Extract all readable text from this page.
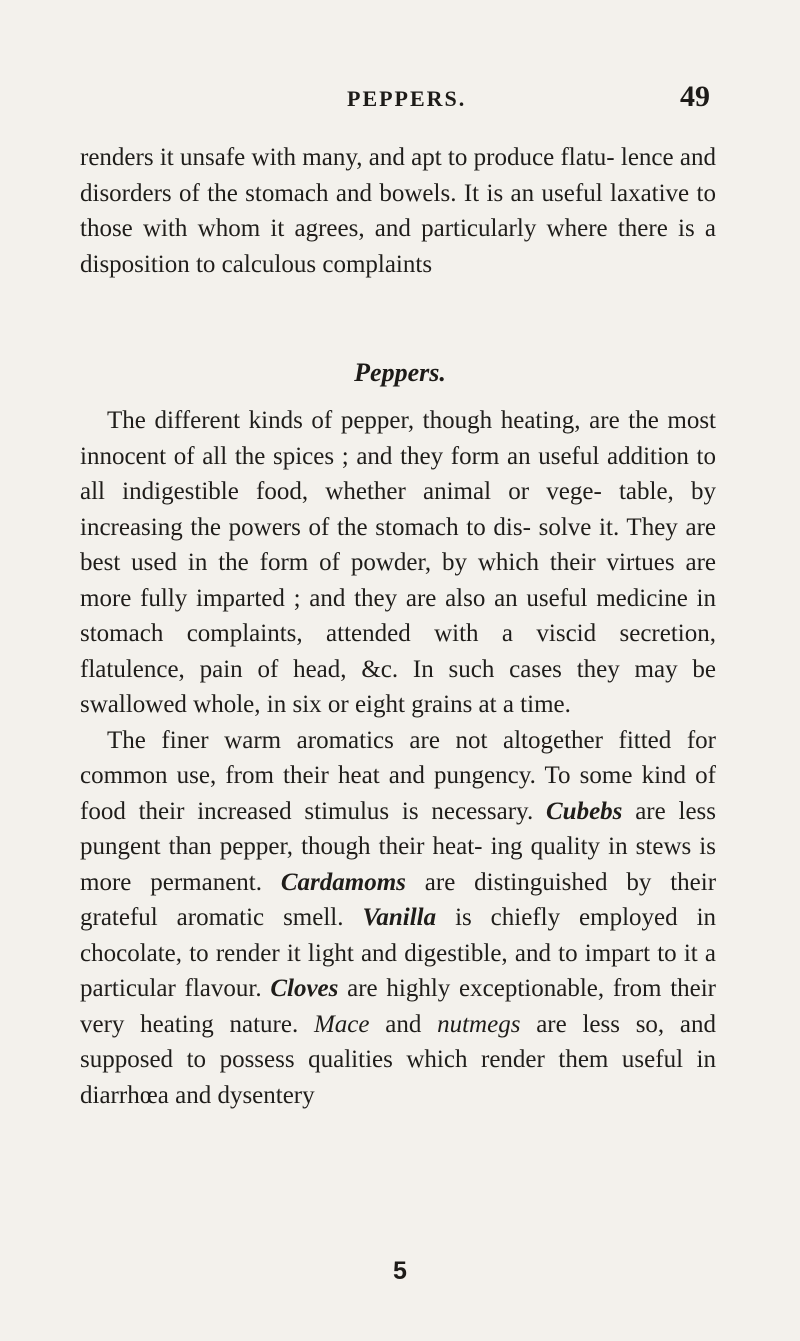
PEPPERS.	49

renders it unsafe with many, and apt to produce flatu- lence and disorders of the stomach and bowels. It is an useful laxative to those with whom it agrees, and particularly where there is a disposition to calculous complaints

Peppers.

The different kinds of pepper, though heating, are the most innocent of all the spices ; and they form an useful addition to all indigestible food, whether animal or vege- table, by increasing the powers of the stomach to dis- solve it. They are best used in the form of powder, by which their virtues are more fully imparted ; and they are also an useful medicine in stomach complaints, attended with a viscid secretion, flatulence, pain of head, &c. In such cases they may be swallowed whole, in six or eight grains at a time.

The finer warm aromatics are not altogether fitted for common use, from their heat and pungency. To some kind of food their increased stimulus is necessary. Cubebs are less pungent than pepper, though their heat- ing quality in stews is more permanent. Cardamoms are distinguished by their grateful aromatic smell. Vanilla is chiefly employed in chocolate, to render it light and digestible, and to impart to it a particular flavour. Cloves are highly exceptionable, from their very heating nature. Mace and nutmegs are less so, and supposed to possess qualities which render them useful in diarrhœa and dysentery

5
